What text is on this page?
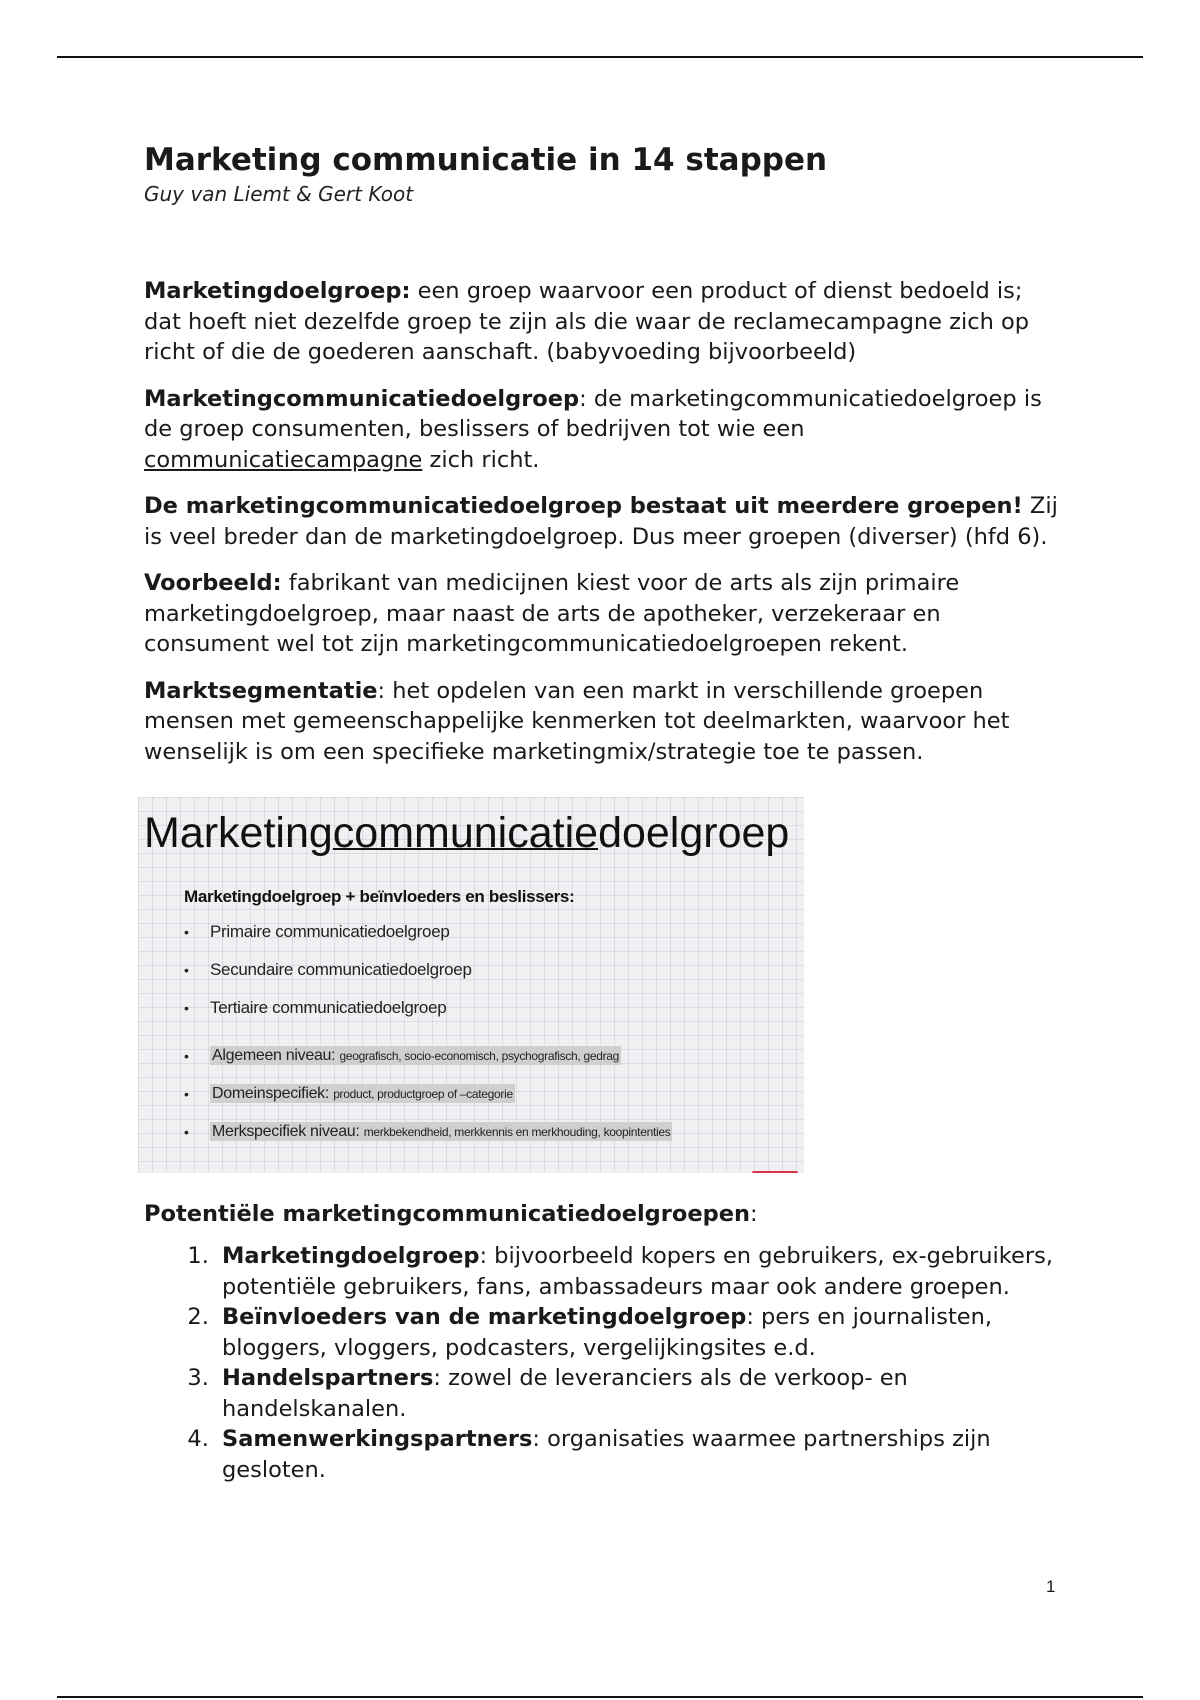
Marketing communicatie in 14 stappen

Guy van Liemt & Gert Koot

Marketingdoelgroep: een groep waarvoor een product of dienst bedoeld is; dat hoeft niet dezelfde groep te zijn als die waar de reclamecampagne zich op richt of die de goederen aanschaft. (babyvoeding bijvoorbeeld)

Marketingcommunicatiedoelgroep: de marketingcommunicatiedoelgroep is de groep consumenten, beslissers of bedrijven tot wie een communicatiecampagne zich richt.

De marketingcommunicatiedoelgroep bestaat uit meerdere groepen! Zij is veel breder dan de marketingdoelgroep. Dus meer groepen (diverser) (hfd 6).

Voorbeeld: fabrikant van medicijnen kiest voor de arts als zijn primaire marketingdoelgroep, maar naast de arts de apotheker, verzekeraar en consument wel tot zijn marketingcommunicatiedoelgroepen rekent.

Marktsegmentatie: het opdelen van een markt in verschillende groepen mensen met gemeenschappelijke kenmerken tot deelmarkten, waarvoor het wenselijk is om een specifieke marketingmix/strategie toe te passen.

Marketingcommunicatiedoelgroep
Marketingdoelgroep + beïnvloeders en beslissers:
• Primaire communicatiedoelgroep
• Secundaire communicatiedoelgroep
• Tertiaire communicatiedoelgroep
• Algemeen niveau: geografisch, socio-economisch, psychografisch, gedrag
• Domeinspecifiek: product, productgroep of –categorie
• Merkspecifiek niveau: merkbekendheid, merkkennis en merkhouding, koopintenties

Potentiële marketingcommunicatiedoelgroepen:

1. Marketingdoelgroep: bijvoorbeeld kopers en gebruikers, ex-gebruikers, potentiële gebruikers, fans, ambassadeurs maar ook andere groepen.
2. Beïnvloeders van de marketingdoelgroep: pers en journalisten, bloggers, vloggers, podcasters, vergelijkingsites e.d.
3. Handelspartners: zowel de leveranciers als de verkoop- en handelskanalen.
4. Samenwerkingspartners: organisaties waarmee partnerships zijn gesloten.
1
